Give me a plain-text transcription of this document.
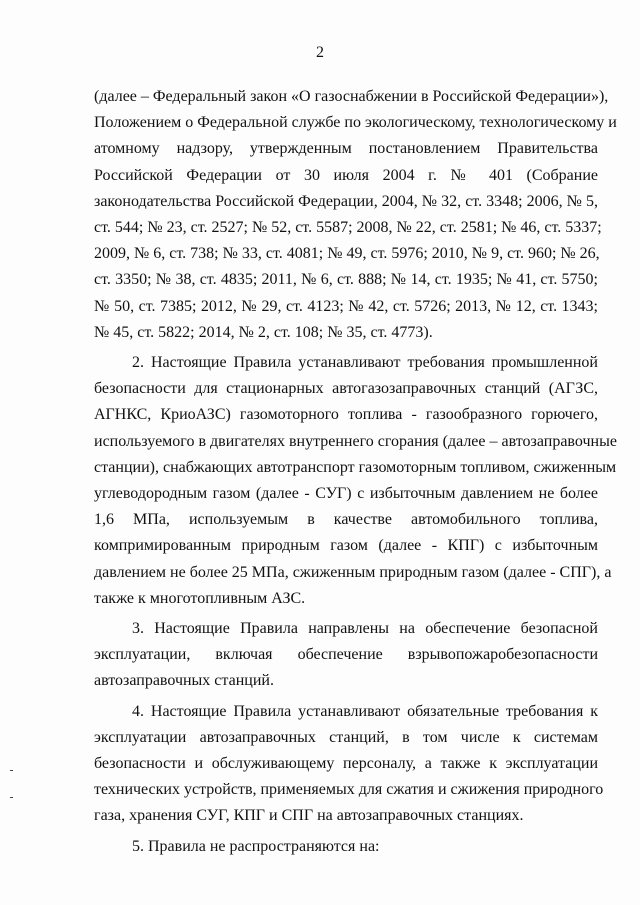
2
(далее – Федеральный закон «О газоснабжении в Российской Федерации»),
Положением о Федеральной службе по экологическому, технологическому и
атомному надзору, утвержденным постановлением Правительства
Российской Федерации от 30 июля 2004 г. № 401 (Собрание
законодательства Российской Федерации, 2004, № 32, ст. 3348; 2006, № 5,
ст. 544; № 23, ст. 2527; № 52, ст. 5587; 2008, № 22, ст. 2581; № 46, ст. 5337;
2009, № 6, ст. 738; № 33, ст. 4081; № 49, ст. 5976; 2010, № 9, ст. 960; № 26,
ст. 3350; № 38, ст. 4835; 2011, № 6, ст. 888; № 14, ст. 1935; № 41, ст. 5750;
№ 50, ст. 7385; 2012, № 29, ст. 4123; № 42, ст. 5726; 2013, № 12, ст. 1343;
№ 45, ст. 5822; 2014, № 2, ст. 108; № 35, ст. 4773).
2. Настоящие Правила устанавливают требования промышленной
безопасности для стационарных автогазозаправочных станций (АГЗС,
АГНКС, КриоАЗС) газомоторного топлива - газообразного горючего,
используемого в двигателях внутреннего сгорания (далее – автозаправочные
станции), снабжающих автотранспорт газомоторным топливом, сжиженным
углеводородным газом (далее - СУГ) с избыточным давлением не более
1,6 МПа, используемым в качестве автомобильного топлива,
компримированным природным газом (далее - КПГ) с избыточным
давлением не более 25 МПа, сжиженным природным газом (далее - СПГ), а
также к многотопливным АЗС.
3. Настоящие Правила направлены на обеспечение безопасной
эксплуатации, включая обеспечение взрывопожаробезопасности
автозаправочных станций.
4. Настоящие Правила устанавливают обязательные требования к
эксплуатации автозаправочных станций, в том числе к системам
безопасности и обслуживающему персоналу, а также к эксплуатации
технических устройств, применяемых для сжатия и сжижения природного
газа, хранения СУГ, КПГ и СПГ на автозаправочных станциях.
5. Правила не распространяются на:
